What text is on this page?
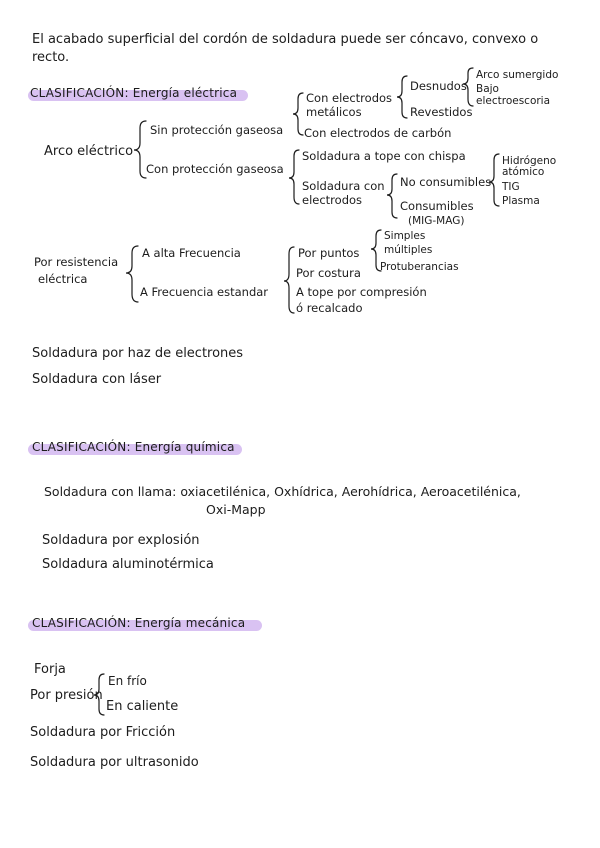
El acabado superficial del cordón de soldadura puede ser cóncavo, convexo o
recto.
CLASIFICACIÓN: Energía eléctrica
Arco eléctrico
Sin protección gaseosa
Con protección gaseosa
Con electrodos
metálicos
Con electrodos de carbón
Desnudos
Revestidos
Arco sumergido
Bajo
electroescoria
Soldadura a tope con chispa
Soldadura con
electrodos
No consumibles
Consumibles
(MIG-MAG)
Hidrógeno
atómico
TIG
Plasma
Por resistencia
eléctrica
A alta Frecuencia
A Frecuencia estandar
Por puntos
Por costura
A tope por compresión
ó recalcado
Simples
múltiples
Protuberancias
Soldadura por haz de electrones
Soldadura con láser
CLASIFICACIÓN: Energía química
Soldadura con llama: oxiacetilénica, Oxhídrica, Aerohídrica, Aeroacetilénica,
Oxi-Mapp
Soldadura por explosión
Soldadura aluminotérmica
CLASIFICACIÓN: Energía mecánica
Forja
Por presión
En frío
En caliente
Soldadura por Fricción
Soldadura por ultrasonido
